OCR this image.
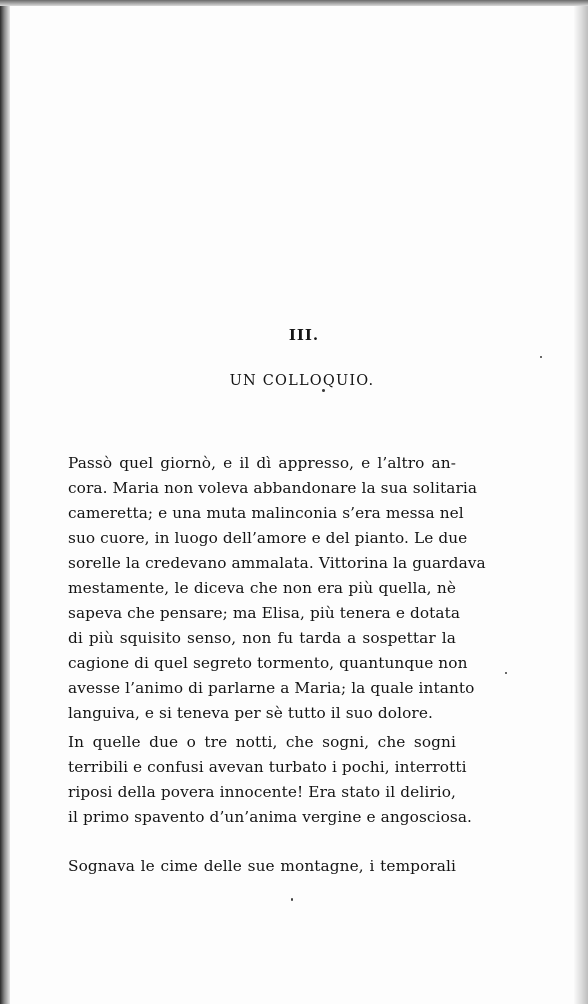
III.
UN COLLOQUIO.
Passò quel giornò, e il dì appresso, e l’altro an-
cora. Maria non voleva abbandonare la sua solitaria
cameretta; e una muta malinconia s’era messa nel
suo cuore, in luogo dell’amore e del pianto. Le due
sorelle la credevano ammalata. Vittorina la guardava
mestamente, le diceva che non era più quella, nè
sapeva che pensare; ma Elisa, più tenera e dotata
di più squisito senso, non fu tarda a sospettar la
cagione di quel segreto tormento, quantunque non
avesse l’animo di parlarne a Maria; la quale intanto
languiva, e si teneva per sè tutto il suo dolore.
In quelle due o tre notti, che sogni, che sogni
terribili e confusi avevan turbato i pochi, interrotti
riposi della povera innocente! Era stato il delirio,
il primo spavento d’un’anima vergine e angosciosa.
Sognava le cime delle sue montagne, i temporali
